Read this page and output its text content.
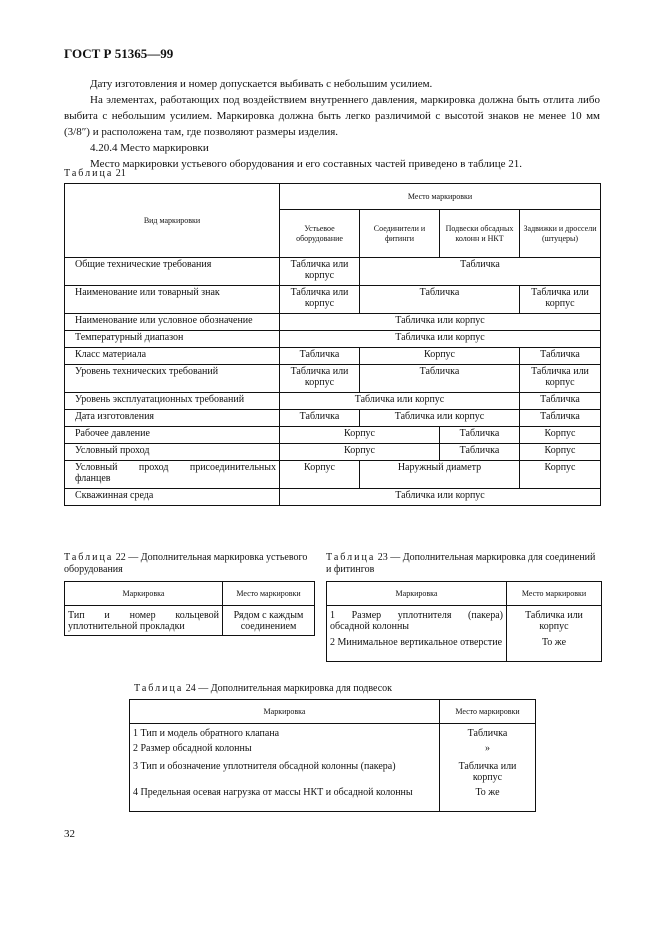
ГОСТ Р 51365—99

Дату изготовления и номер допускается выбивать с небольшим усилием.

На элементах, работающих под воздействием внутреннего давления, маркировка должна быть отлита либо выбита с небольшим усилием. Маркировка должна быть легко различимой с высотой знаков не менее 10 мм (3/8″) и расположена там, где позволяют размеры изделия.

4.20.4 Место маркировки

Место маркировки устьевого оборудования и его составных частей приведено в таблице 21.

Таблица 21
Вид маркировки	Место маркировки			
	Устьевое оборудование	Соединители и фитинги	Подвески обсадных колонн и НКТ	Задвижки и дроссели (штуцеры)
Общие технические требования	Табличка или корпус	Табличка		
Наименование или товарный знак	Табличка или корпус	Табличка		Табличка или корпус
Наименование или условное обозначение	Табличка или корпус			
Температурный диапазон	Табличка или корпус			
Класс материала	Табличка	Корпус		Табличка
Уровень технических требований	Табличка или корпус	Табличка		Табличка или корпус
Уровень эксплуатационных требований	Табличка или корпус			Табличка
Дата изготовления	Табличка	Табличка или корпус		Табличка
Рабочее давление	Корпус		Табличка	Корпус
Условный проход	Корпус		Табличка	Корпус
Условный проход присоединительных фланцев	Корпус	Наружный диаметр		Корпус
Скважинная среда	Табличка или корпус			
Таблица 22 — Дополнительная маркировка устьевого оборудования
Маркировка	Место маркировки
Тип и номер кольцевой уплотнительной прокладки	Рядом с каждым соединением
Таблица 23 — Дополнительная маркировка для соединений и фитингов
Маркировка	Место маркировки
1 Размер уплотнителя (пакера) обсадной колонны	Табличка или корпус
2 Минимальное вертикальное отверстие	То же
Таблица 24 — Дополнительная маркировка для подвесок
Маркировка	Место маркировки
1 Тип и модель обратного клапана	Табличка
2 Размер обсадной колонны	»
3 Тип и обозначение уплотнителя обсадной колонны (пакера)	Табличка или корпус
4 Предельная осевая нагрузка от массы НКТ и обсадной колонны	То же
32
